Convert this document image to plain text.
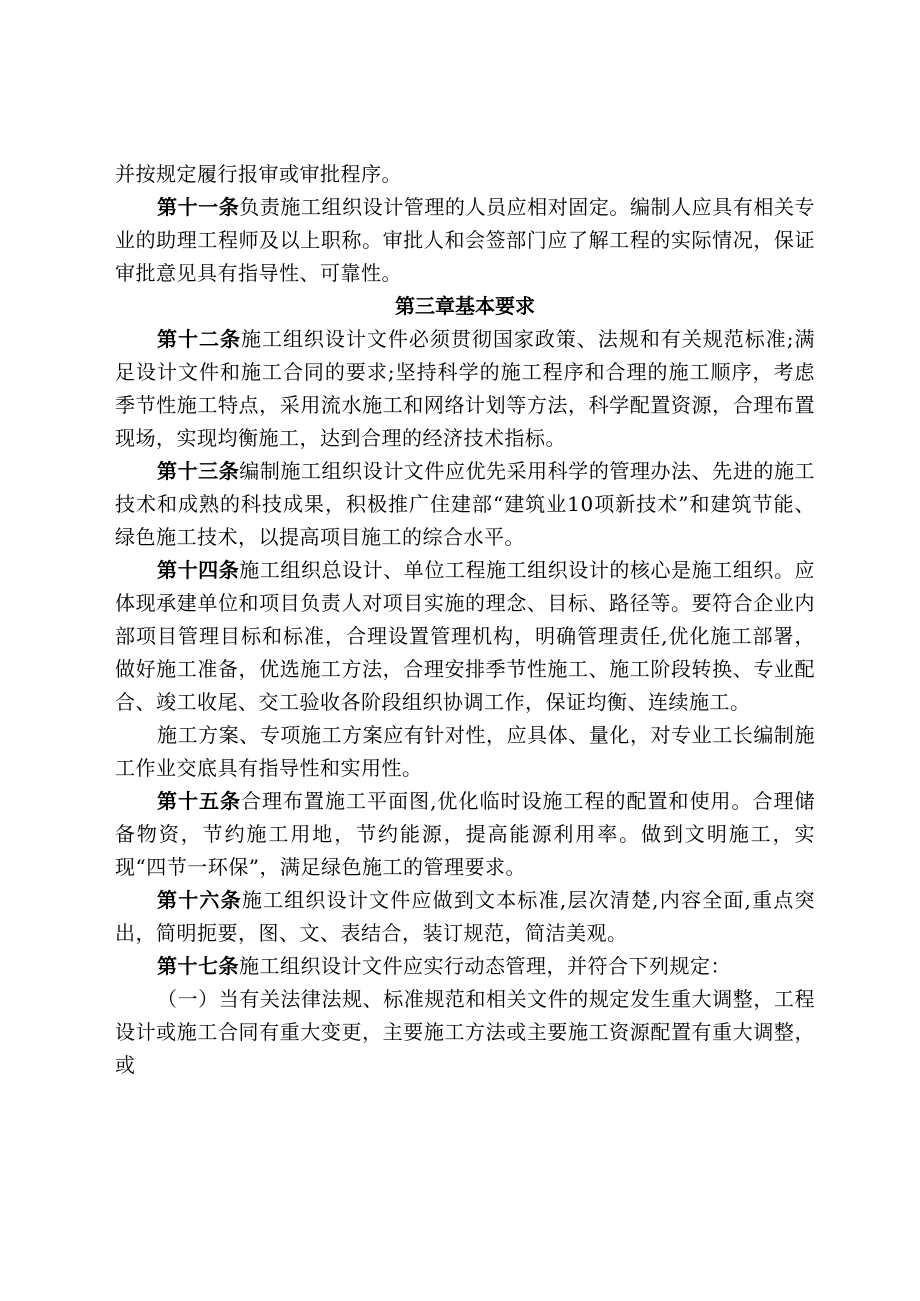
并按规定履行报审或审批程序。

第十一条负责施工组织设计管理的人员应相对固定。编制人应具有相关专业的助理工程师及以上职称。审批人和会签部门应了解工程的实际情况，保证审批意见具有指导性、可靠性。

第三章基本要求

第十二条施工组织设计文件必须贯彻国家政策、法规和有关规范标准;满足设计文件和施工合同的要求;坚持科学的施工程序和合理的施工顺序，考虑季节性施工特点，采用流水施工和网络计划等方法，科学配置资源，合理布置现场，实现均衡施工，达到合理的经济技术指标。

第十三条编制施工组织设计文件应优先采用科学的管理办法、先进的施工技术和成熟的科技成果，积极推广住建部“建筑业10项新技术”和建筑节能、绿色施工技术，以提高项目施工的综合水平。

第十四条施工组织总设计、单位工程施工组织设计的核心是施工组织。应体现承建单位和项目负责人对项目实施的理念、目标、路径等。要符合企业内部项目管理目标和标准，合理设置管理机构，明确管理责任,优化施工部署，做好施工准备，优选施工方法，合理安排季节性施工、施工阶段转换、专业配合、竣工收尾、交工验收各阶段组织协调工作，保证均衡、连续施工。

施工方案、专项施工方案应有针对性，应具体、量化，对专业工长编制施工作业交底具有指导性和实用性。

第十五条合理布置施工平面图,优化临时设施工程的配置和使用。合理储备物资，节约施工用地，节约能源，提高能源利用率。做到文明施工，实现“四节一环保”，满足绿色施工的管理要求。

第十六条施工组织设计文件应做到文本标准,层次清楚,内容全面,重点突出，简明扼要，图、文、表结合，装订规范，简洁美观。

第十七条施工组织设计文件应实行动态管理，并符合下列规定：

（一）当有关法律法规、标准规范和相关文件的规定发生重大调整，工程设计或施工合同有重大变更，主要施工方法或主要施工资源配置有重大调整，或
